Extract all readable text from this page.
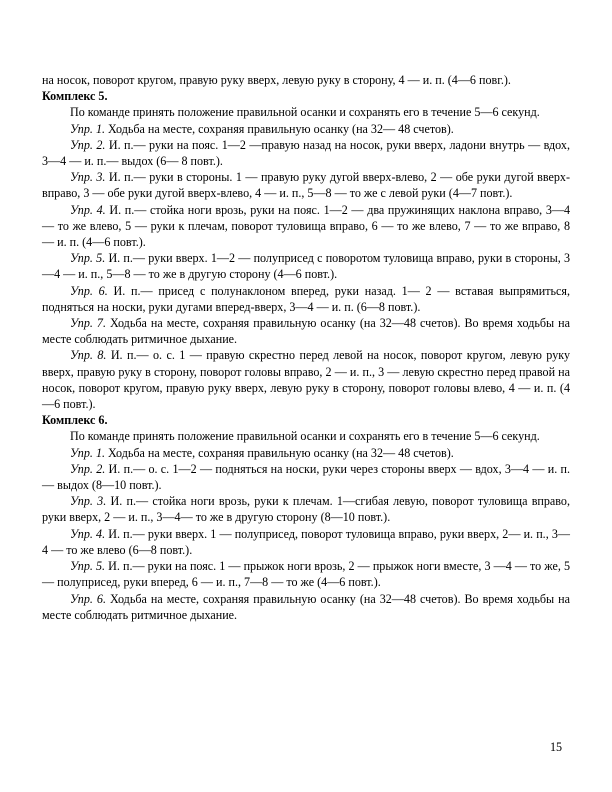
на носок, поворот кругом, правую руку вверх, левую руку в сторону, 4 — и. п. (4—6 повг.).

Комплекс 5.

По команде принять положение правильной осанки и сохранять его в течение 5—6 секунд.

Упр. 1. Ходьба на месте, сохраняя правильную осанку (на 32— 48 счетов).

Упр. 2. И. п.— руки на пояс. 1—2 —правую назад на носок, руки вверх, ладони внутрь — вдох, 3—4 — и. п.— выдох (6— 8 повт.).

Упр. 3. И. п.— руки в стороны. 1 — правую руку дугой вверх-влево, 2 — обе руки дугой вверх-вправо, 3 — обе руки дугой вверх-влево, 4 — и. п., 5—8 — то же с левой руки (4—7 повт.).

Упр. 4. И. п.— стойка ноги врозь, руки на пояс. 1—2 — два пружинящих наклона вправо, 3—4 — то же влево, 5 — руки к плечам, поворот туловища вправо, 6 — то же влево, 7 — то же вправо, 8 — и. п. (4—6 повт.).

Упр. 5. И. п.— руки вверх. 1—2 — полуприсед с поворотом туловища вправо, руки в стороны, 3—4 — и. п., 5—8 — то же в другую сторону (4—6 повт.).

Упр. 6. И. п.— присед с полунаклоном вперед, руки назад. 1— 2 — вставая выпрямиться, подняться на носки, руки дугами вперед-вверх, 3—4 — и. п. (6—8 повт.).

Упр. 7. Ходьба на месте, сохраняя правильную осанку (на 32—48 счетов). Во время ходьбы на месте соблюдать ритмичное дыхание.

Упр. 8. И. п.— о. с. 1 — правую скрестно перед левой на носок, поворот кругом, левую руку вверх, правую руку в сторону, поворот головы вправо, 2 — и. п., 3 — левую скрестно перед правой на носок, поворот кругом, правую руку вверх, левую руку в сторону, поворот головы влево, 4 — и. п. (4—6 повт.).

Комплекс 6.

По команде принять положение правильной осанки и сохранять его в течение 5—6 секунд.

Упр. 1. Ходьба на месте, сохраняя правильную осанку (на 32— 48 счетов).

Упр. 2. И. п.— о. с. 1—2 — подняться на носки, руки через стороны вверх — вдох, 3—4 — и. п.— выдох (8—10 повт.).

Упр. 3. И. п.— стойка ноги врозь, руки к плечам. 1—сгибая левую, поворот туловища вправо, руки вверх, 2 — и. п., 3—4— то же в другую сторону (8—10 повт.).

Упр. 4. И. п.— руки вверх. 1 — полуприсед, поворот туловища вправо, руки вверх, 2— и. п., 3—4 — то же влево (6—8 повт.).

Упр. 5. И. п.— руки на пояс. 1 — прыжок ноги врозь, 2 — прыжок ноги вместе, 3 —4 — то же, 5 — полуприсед, руки вперед, 6 — и. п., 7—8 — то же (4—6 повт.).

Упр. 6. Ходьба на месте, сохраняя правильную осанку (на 32—48 счетов). Во время ходьбы на месте соблюдать ритмичное дыхание.

15
